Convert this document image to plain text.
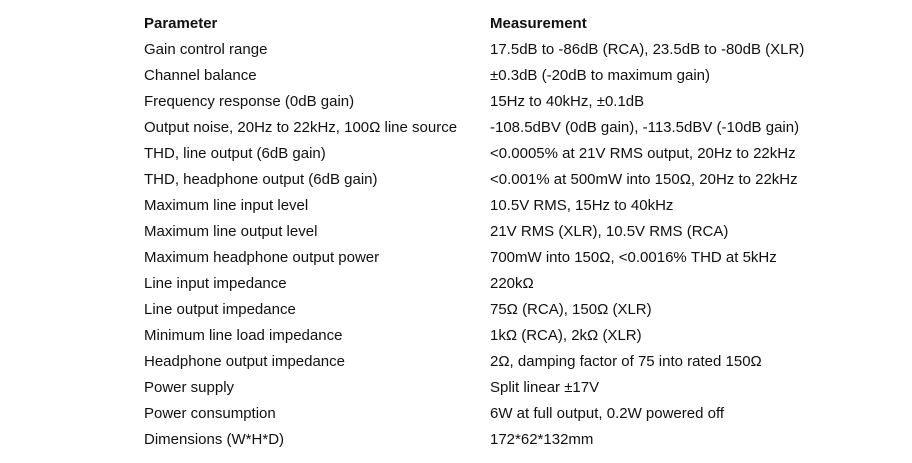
Parameter	Measurement
Gain control range	17.5dB to -86dB (RCA), 23.5dB to -80dB (XLR)
Channel balance	±0.3dB (-20dB to maximum gain)
Frequency response (0dB gain)	15Hz to 40kHz, ±0.1dB
Output noise, 20Hz to 22kHz, 100Ω line source	-108.5dBV (0dB gain), -113.5dBV (-10dB gain)
THD, line output (6dB gain)	<0.0005% at 21V RMS output, 20Hz to 22kHz
THD, headphone output (6dB gain)	<0.001% at 500mW into 150Ω, 20Hz to 22kHz
Maximum line input level	10.5V RMS, 15Hz to 40kHz
Maximum line output level	21V RMS (XLR), 10.5V RMS (RCA)
Maximum headphone output power	700mW into 150Ω, <0.0016% THD at 5kHz
Line input impedance	220kΩ
Line output impedance	75Ω (RCA), 150Ω (XLR)
Minimum line load impedance	1kΩ (RCA), 2kΩ (XLR)
Headphone output impedance	2Ω, damping factor of 75 into rated 150Ω
Power supply	Split linear ±17V
Power consumption	6W at full output, 0.2W powered off
Dimensions (W*H*D)	172*62*132mm
